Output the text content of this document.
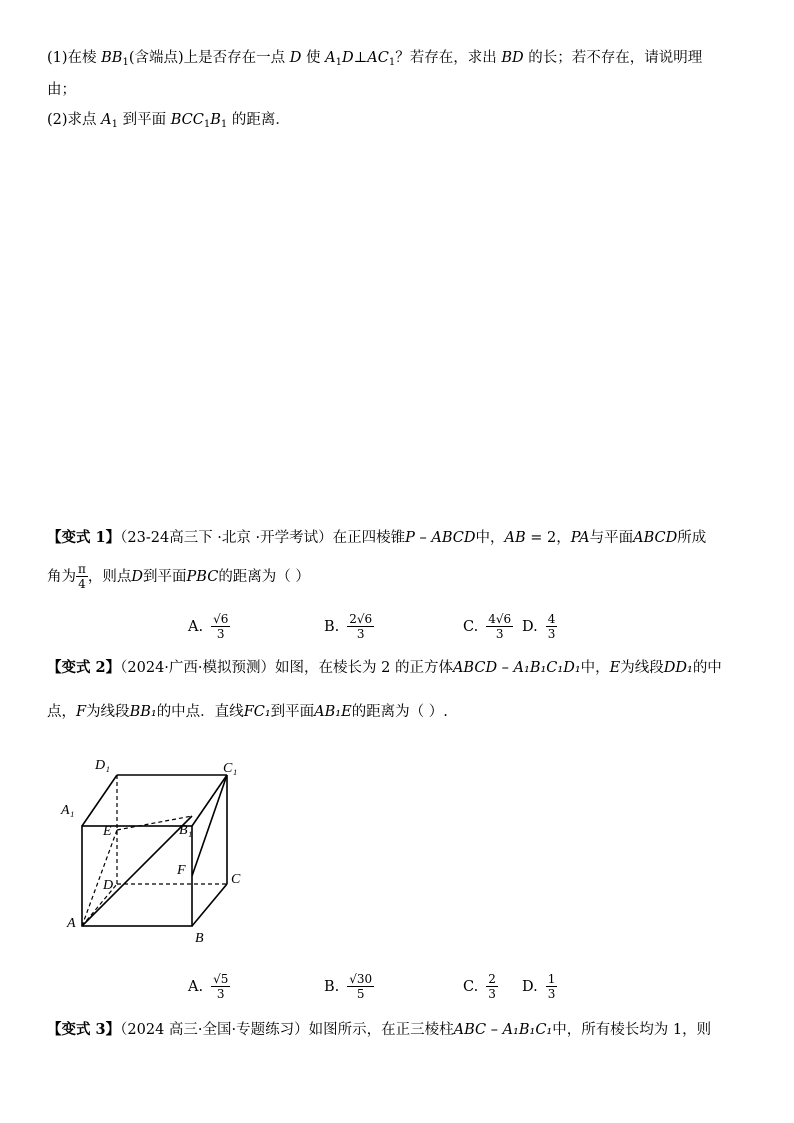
(1)在棱 $BB_1$(含端点)上是否存在一点 D 使 $A_1D\perp AC_1$？若存在，求出 BD 的长；若不存在，请说明理
由；
(2)求点 $A_1$ 到平面 $BCC_1B_1$ 的距离．
【变式 1】（23-24高三下 ·北京 ·开学考试）在正四棱锥P – ABCD中，AB = 2，PA与平面ABCD所成
角为 $\frac{\pi}{4}$ ，则点 D 到平面 PBC 的距离为（ ）
A. $\frac{√6}{3}$	B. $\frac{2√6}{3}$	C. $\frac{4√6}{3} D$. $\frac{4}{3}$
【变式 2】（2024·广西·模拟预测）如图，在棱长为 2 的正方体ABCD – A₁B₁C₁D₁中，E为线段DD₁的中
点，F为线段BB₁的中点．直线FC₁到平面AB₁E的距离为（ ）.
D₁	C₁
A₁
B₁
E
F
C
D
A
B
A. $\frac{√5}{3}$	B. $\frac{√30}{5}$	C. $\frac{2}{3} D$. $\frac{1}{3}$
【变式 3】（2024 高三·全国·专题练习）如图所示，在正三棱柱ABC – A₁B₁C₁中，所有棱长均为 1，则
